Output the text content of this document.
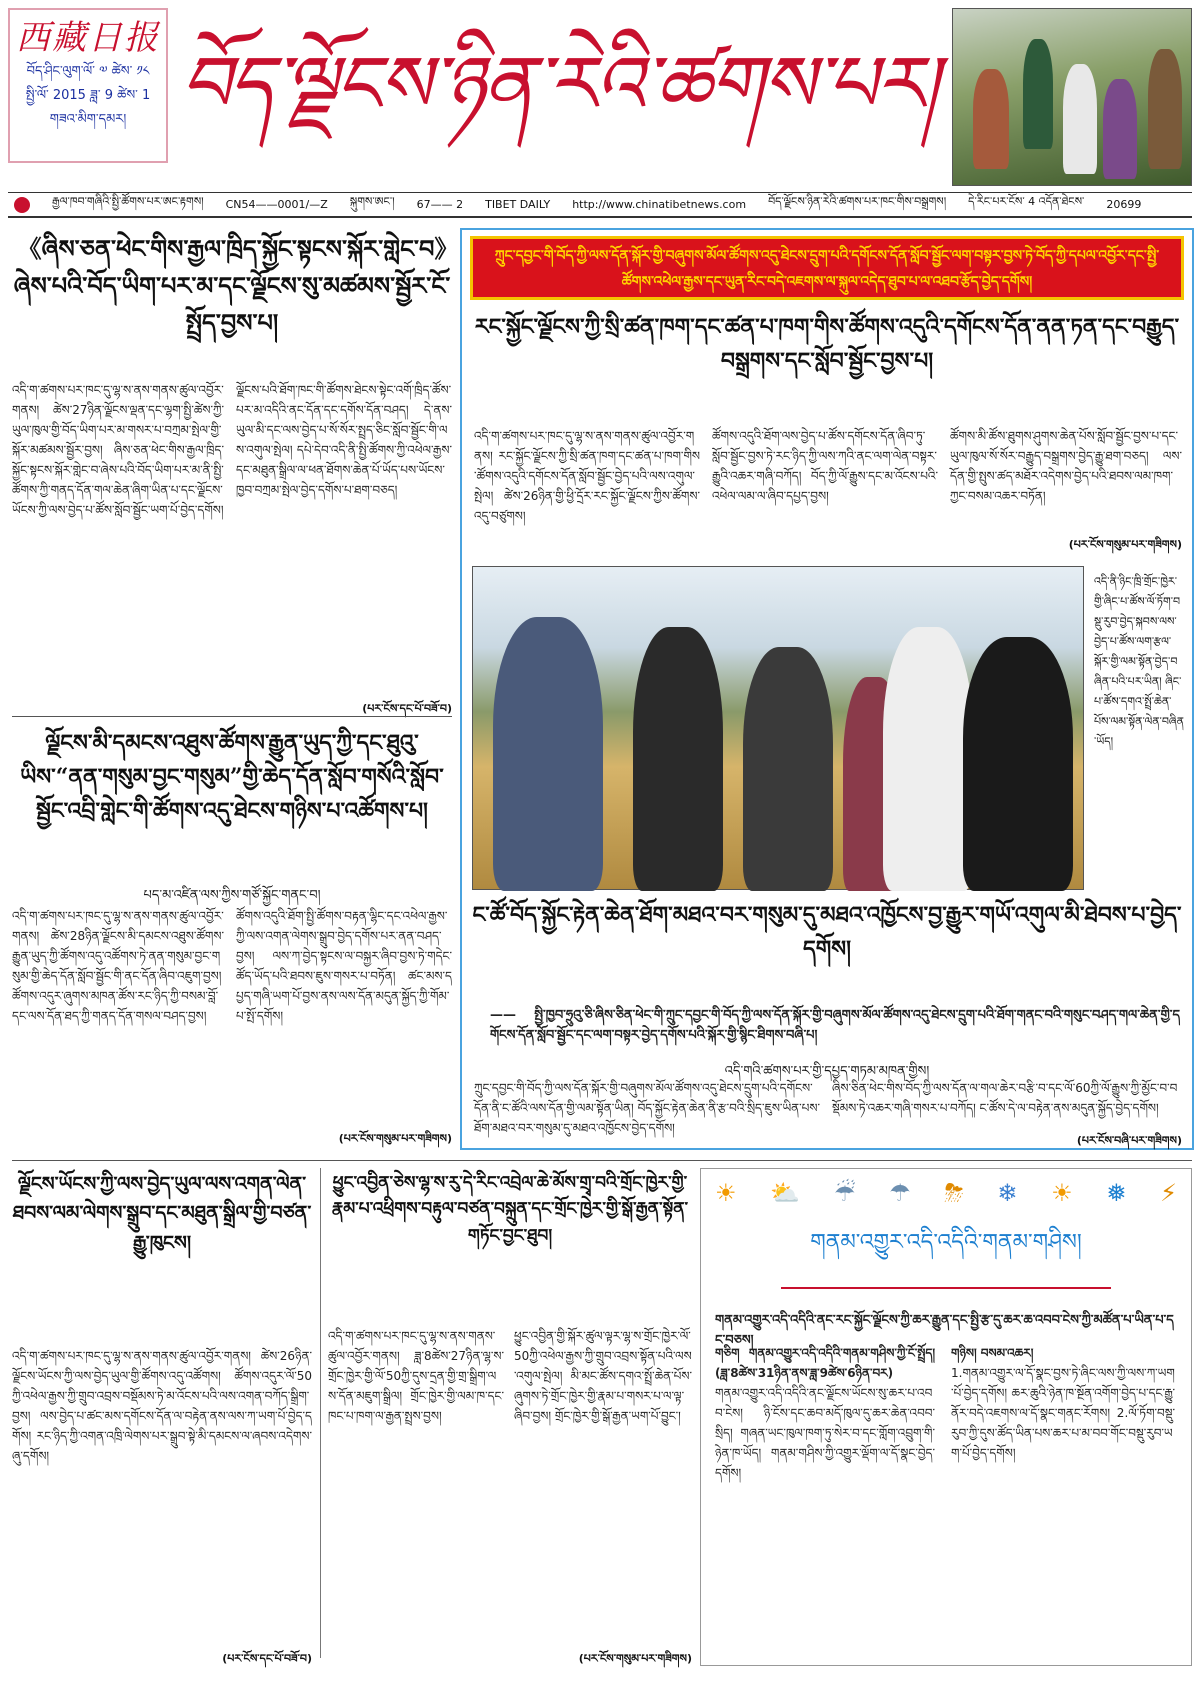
西藏日报
བོད་ཤིང་ལུག་ལོ་ ༧ ཚེས་ ༡༨
སྤྱི་ལོ་ 2015 ཟླ་ 9 ཚེས་ 1
གཟའ་མིག་དམར། བོད་ལྗོངས་ཉིན་རེའི་ཚགས་པར།
རྒྱལ་ཁབ་གཞིའི་སྤྱི་ཚོགས་པར་ཨང་རྟགས། CN54——0001/—Z སྐུགས་ཨང་། 67—— 2 TIBET DAILY http://www.chinatibetnews.com བོད་ལྗོངས་ཉིན་རེའི་ཚགས་པར་ཁང་གིས་བསྒྲགས། དེ་རིང་པར་ངོས་ 4 འདོན་ཐེངས་ 20699
《ཞིས་ཅན་ཕེང་གིས་རྒྱལ་ཁྲིད་སྐྱོང་སྟངས་སྐོར་གླེང་བ》ཞེས་པའི་བོད་ཡིག་པར་མ་དང་ལྗོངས་སུ་མཚམས་སྦྱོར་ངོ་སྤྲོད་བྱས་པ།
འདི་ག་ཚགས་པར་ཁང་དུ་ལྷ་ས་ནས་གནས་ཚུལ་འབྱོར་གནས། ཚེས་27ཉིན་ལྗོངས་ལྡན་དང་ལྷག་སྤྱི་ཚེས་ཀྱི་ཡུལ་ཁུལ་གྱི་བོད་ཡིག་པར་མ་གསར་པ་བཀྲམ་སྤེལ་གྱི་སྐོར་མཚམས་སྦྱོར་བྱས། ཞིས་ཅན་ཕེང་གིས་རྒྱལ་ཁྲིད་སྐྱོང་སྟངས་སྐོར་གླེང་བ་ཞེས་པའི་བོད་ཡིག་པར་མ་ནི་སྤྱི་ཚོགས་ཀྱི་གནད་དོན་གལ་ཆེན་ཞིག་ཡིན་པ་དང་ལྗོངས་ཡོངས་ཀྱི་ལས་བྱེད་པ་ཚོས་སློབ་སྦྱོང་ཡག་པོ་བྱེད་དགོས།
ལྗོངས་པའི་ཐོག་ཁང་གི་ཚོགས་ཐེངས་སྟེང་འགོ་ཁྲིད་ཚོས་པར་མ་འདིའི་ནང་དོན་དང་དགོས་དོན་བཤད། དེ་ནས་ཡུལ་མི་དང་ལས་བྱེད་པ་སོ་སོར་སྤྲད་ཅིང་སློབ་སྦྱོང་གི་ལས་འགུལ་སྤེལ། དཔེ་དེབ་འདི་ནི་སྤྱི་ཚོགས་ཀྱི་འཕེལ་རྒྱས་དང་མཐུན་སྒྲིལ་ལ་ཕན་ཐོགས་ཆེན་པོ་ཡོད་པས་ཡོངས་ཁྱབ་བཀྲམ་སྤེལ་བྱེད་དགོས་པ་ཐག་བཅད།
(པར་ངོས་དང་པོ་བཟོ་བ)
ལྗོངས་མི་དམངས་འཐུས་ཚོགས་རྒྱུན་ཡུད་ཀྱི་དང་ཐུའུ་ཡིས་“ནན་གསུམ་བྱང་གསུམ”གྱི་ཆེད་དོན་སློབ་གསོའི་སློབ་སྦྱོང་འབྲི་གླེང་གི་ཚོགས་འདུ་ཐེངས་གཉིས་པ་འཚོགས་པ།
པད་མ་འཛིན་ལས་ཀྱིས་གཙོ་སྐྱོང་གནང་བ།
འདི་ག་ཚགས་པར་ཁང་དུ་ལྷ་ས་ནས་གནས་ཚུལ་འབྱོར་གནས། ཚེས་28ཉིན་ལྗོངས་མི་དམངས་འཐུས་ཚོགས་རྒྱུན་ཡུད་ཀྱི་ཚོགས་འདུ་འཚོགས་ཏེ་ནན་གསུམ་བྱང་གསུམ་གྱི་ཆེད་དོན་སློབ་སྦྱོང་གི་ནང་དོན་ཞིབ་འཇུག་བྱས། ཚོགས་འདུར་ཞུགས་མཁན་ཚོས་རང་ཉིད་ཀྱི་བསམ་བློ་དང་ལས་དོན་ཐད་ཀྱི་གནད་དོན་གསལ་བཤད་བྱས།
ཚོགས་འདུའི་ཐོག་སྤྱི་ཚོགས་བརྟན་ལྷིང་དང་འཕེལ་རྒྱས་ཀྱི་ལས་འགན་ལེགས་སྒྲུབ་བྱེད་དགོས་པར་ནན་བཤད་བྱས། ལས་ཀ་བྱེད་སྟངས་ལ་བསྐྱར་ཞིབ་བྱས་ཏེ་གདེང་ཚོད་ཡོད་པའི་ཐབས་ཇུས་གསར་པ་བཏོན། ཚང་མས་དཔྱད་གཞི་ཡག་པོ་བྱས་ནས་ལས་དོན་མདུན་སྐྱོད་ཀྱི་གོམ་པ་སྤོ་དགོས།
(པར་ངོས་གསུམ་པར་གཟིགས)
ཀྲུང་དབྱང་གི་བོད་ཀྱི་ལས་དོན་སྐོར་གྱི་བཞུགས་མོལ་ཚོགས་འདུ་ཐེངས་དྲུག་པའི་དགོངས་དོན་སློབ་སྦྱོང་ལག་བསྟར་བྱས་ཏེ་བོད་ཀྱི་དཔལ་འབྱོར་དང་སྤྱི་ཚོགས་འཕེལ་རྒྱས་དང་ཡུན་རིང་བདེ་འཇགས་ལ་སྐུལ་འདེད་ཐུབ་པ་ལ་འཐབ་རྩོད་བྱེད་དགོས།
རང་སྐྱོང་ལྗོངས་ཀྱི་སྲི་ཚན་ཁག་དང་ཚན་པ་ཁག་གིས་ཚོགས་འདུའི་དགོངས་དོན་ནན་ཏན་དང་བརྒྱུད་བསྒྲགས་དང་སློབ་སྦྱོང་བྱས་པ།
འདི་ག་ཚགས་པར་ཁང་དུ་ལྷ་ས་ནས་གནས་ཚུལ་འབྱོར་གནས། རང་སྐྱོང་ལྗོངས་ཀྱི་སྲི་ཚན་ཁག་དང་ཚན་པ་ཁག་གིས་ཚོགས་འདུའི་དགོངས་དོན་སློབ་སྦྱོང་བྱེད་པའི་ལས་འགུལ་སྤེལ། ཚེས་26ཉིན་གྱི་ཕྱི་དྲོར་རང་སྐྱོང་ལྗོངས་ཀྱིས་ཚོགས་འདུ་བཙུགས།
ཚོགས་འདུའི་ཐོག་ལས་བྱེད་པ་ཚོས་དགོངས་དོན་ཞིབ་ཏུ་སློབ་སྦྱོང་བྱས་ཏེ་རང་ཉིད་ཀྱི་ལས་ཀའི་ནང་ལག་ལེན་བསྟར་རྒྱུའི་འཆར་གཞི་བཀོད། བོད་ཀྱི་ལོ་རྒྱུས་དང་མ་འོངས་པའི་འཕེལ་ལམ་ལ་ཞིབ་དཔྱད་བྱས།
ཚོགས་མི་ཚོས་ཐུགས་ཤུགས་ཆེན་པོས་སློབ་སྦྱོང་བྱས་པ་དང་ཡུལ་ཁུལ་སོ་སོར་བརྒྱུད་བསྒྲགས་བྱེད་རྒྱུ་ཐག་བཅད། ལས་དོན་གྱི་སྤུས་ཚད་མཐོར་འདེགས་བྱེད་པའི་ཐབས་ལམ་ཁག་ཀྱང་བསམ་འཆར་བཏོན།
(པར་ངོས་གསུམ་པར་གཟིགས)
འདི་ནི་ཉིང་ཁྲི་གྲོང་ཁྱེར་གྱི་ཞིང་པ་ཚོས་ལོ་ཏོག་བསྡུ་རུབ་བྱེད་སྐབས་ལས་བྱེད་པ་ཚོས་ལག་རྩལ་སྐོར་གྱི་ལམ་སྟོན་བྱེད་བཞིན་པའི་པར་ཡིན། ཞིང་པ་ཚོས་དགའ་སྤྲོ་ཆེན་པོས་ལམ་སྟོན་ལེན་བཞིན་ཡོད།
ང་ཚོ་བོད་སྐྱོང་རྟེན་ཆེན་ཐོག་མཐའ་བར་གསུམ་དུ་མཐའ་འཁྱོངས་བྱ་རྒྱུར་གཡོ་འགུལ་མི་ཐེབས་པ་བྱེད་དགོས།
—— སྤྱི་ཁྱབ་ཧྲུའུ་ཅི་ཞིས་ཅིན་ཕེང་གི་ཀྲུང་དབྱང་གི་བོད་ཀྱི་ལས་དོན་སྐོར་གྱི་བཞུགས་མོལ་ཚོགས་འདུ་ཐེངས་དྲུག་པའི་ཐོག་གནང་བའི་གསུང་བཤད་གལ་ཆེན་གྱི་དགོངས་དོན་སློབ་སྦྱོང་དང་ལག་བསྟར་བྱེད་དགོས་པའི་སྐོར་གྱི་སྙིང་ཐིགས་བཞི་པ།
འདི་གའི་ཚགས་པར་གྱི་དཔྱད་གཏམ་མཁན་གྱིས།
ཀྲུང་དབྱང་གི་བོད་ཀྱི་ལས་དོན་སྐོར་གྱི་བཞུགས་མོལ་ཚོགས་འདུ་ཐེངས་དྲུག་པའི་དགོངས་དོན་ནི་ང་ཚོའི་ལས་དོན་གྱི་ལམ་སྟོན་ཡིན། བོད་སྐྱོང་རྟེན་ཆེན་ནི་རྩ་བའི་སྲིད་ཇུས་ཡིན་པས་ཐོག་མཐའ་བར་གསུམ་དུ་མཐའ་འཁྱོངས་བྱེད་དགོས།
ཞིས་ཅིན་ཕེང་གིས་བོད་ཀྱི་ལས་དོན་ལ་གལ་ཆེར་བརྩི་བ་དང་ལོ་60ཀྱི་ལོ་རྒྱུས་ཀྱི་མྱོང་བ་བསྡོམས་ཏེ་འཆར་གཞི་གསར་པ་བཀོད། ང་ཚོས་དེ་ལ་བརྟེན་ནས་མདུན་སྐྱོད་བྱེད་དགོས།
(པར་ངོས་བཞི་པར་གཟིགས)
ལྗོངས་ཡོངས་ཀྱི་ལས་བྱེད་ཡུལ་ལས་འགན་ལེན་ཐབས་ལམ་ལེགས་སྒྲུབ་དང་མཐུན་སྒྲིལ་གྱི་བཙན་རྒྱུ་ཁུངས།
འདི་ག་ཚགས་པར་ཁང་དུ་ལྷ་ས་ནས་གནས་ཚུལ་འབྱོར་གནས། ཚེས་26ཉིན་ལྗོངས་ཡོངས་ཀྱི་ལས་བྱེད་ཡུལ་གྱི་ཚོགས་འདུ་འཚོགས། ཚོགས་འདུར་ལོ་50ཀྱི་འཕེལ་རྒྱས་ཀྱི་གྲུབ་འབྲས་བསྡོམས་ཏེ་མ་འོངས་པའི་ལས་འགན་བཀོད་སྒྲིག་བྱས། ལས་བྱེད་པ་ཚང་མས་དགོངས་དོན་ལ་བརྟེན་ནས་ལས་ཀ་ཡག་པོ་བྱེད་དགོས། རང་ཉིད་ཀྱི་འགན་འཁྲི་ལེགས་པར་སྒྲུབ་སྟེ་མི་དམངས་ལ་ཞབས་འདེགས་ཞུ་དགོས།
(པར་ངོས་དང་པོ་བཟོ་བ)
ཕྱུང་འབྱིན་ཅེས་ལྷ་ས་རུ་དེ་རིང་འབྲེལ་ཆེ་མོས་གྲྭ་བའི་གྲོང་ཁྱེར་གྱི་རྣམ་པ་འཕྲིགས་བརྟུལ་བཙན་བསྐྲུན་དང་གྲོང་ཁྱེར་གྱི་སྒོ་རྒྱན་སྟོན་གཏོང་བྱང་ཐུབ།
འདི་ག་ཚགས་པར་ཁང་དུ་ལྷ་ས་ནས་གནས་ཚུལ་འབྱོར་གནས། ཟླ་8ཚེས་27ཉིན་ལྷ་ས་གྲོང་ཁྱེར་གྱི་ལོ་50ཀྱི་དུས་དྲན་གྱི་གྲ་སྒྲིག་ལས་དོན་མཇུག་སྒྲིལ། གྲོང་ཁྱེར་གྱི་ལམ་ཁ་དང་ཁང་པ་ཁག་ལ་རྒྱན་སྤྲས་བྱས།
ཕྱུང་འབྱིན་གྱི་སྐོར་ཚུལ་ལྟར་ལྷ་ས་གྲོང་ཁྱེར་ལོ་50ཀྱི་འཕེལ་རྒྱས་ཀྱི་གྲུབ་འབྲས་སྟོན་པའི་ལས་འགུལ་སྤེལ། མི་མང་ཚོས་དགའ་སྤྲོ་ཆེན་པོས་ཞུགས་ཏེ་གྲོང་ཁྱེར་གྱི་རྣམ་པ་གསར་པ་ལ་ལྟ་ཞིབ་བྱས། གྲོང་ཁྱེར་གྱི་སྒོ་རྒྱན་ཡག་པོ་བྱུང་།
(པར་ངོས་གསུམ་པར་གཟིགས)
☀ ⛅ ☔ ☂ ⛈ ❄ ☀ ❅ ⚡
གནམ་འགྱུར་འདི་འདིའི་གནམ་གཤིས།
གནམ་འགྱུར་འདི་འདིའི་ནང་རང་སྐྱོང་ལྗོངས་ཀྱི་ཆར་རྒྱུན་དང་སྤྱི་རྩ་དུ་ཆར་ཆ་འབབ་ངེས་ཀྱི་མཚོན་པ་ཡིན་པ་དང་བཅས།
གཅིག གནམ་འགྱུར་འདི་འདིའི་གནམ་གཤིས་ཀྱི་ངོ་སྤྲོད། (ཟླ་8ཚེས་31ཉིན་ནས་ཟླ་9ཚེས་6ཉིན་བར)
གནམ་འགྱུར་འདི་འདིའི་ནང་ལྗོངས་ཡོངས་སུ་ཆར་པ་འབབ་ངེས། ཉི་ངོས་དང་ཆབ་མདོ་ཁུལ་དུ་ཆར་ཆེན་འབབ་སྲིད། གཞན་ཡང་ཁུལ་ཁག་ཏུ་སེར་བ་དང་གློག་འབྲུག་གི་ཉེན་ཁ་ཡོད། གནམ་གཤིས་ཀྱི་འགྱུར་ལྡོག་ལ་དོ་སྣང་བྱེད་དགོས།
གཉིས། བསམ་འཆར།
1.གནམ་འགྱུར་ལ་དོ་སྣང་བྱས་ཏེ་ཞིང་ལས་ཀྱི་ལས་ཀ་ཡག་པོ་བྱེད་དགོས། ཆར་ཆུའི་ཉེན་ཁ་སྔོན་འགོག་བྱེད་པ་དང་རྒྱུ་ནོར་བདེ་འཇགས་ལ་དོ་སྣང་གནང་རོགས། 2.ལོ་ཏོག་བསྡུ་རུབ་ཀྱི་དུས་ཚོད་ཡིན་པས་ཆར་པ་མ་བབ་གོང་བསྡུ་རུབ་ཡག་པོ་བྱེད་དགོས།
